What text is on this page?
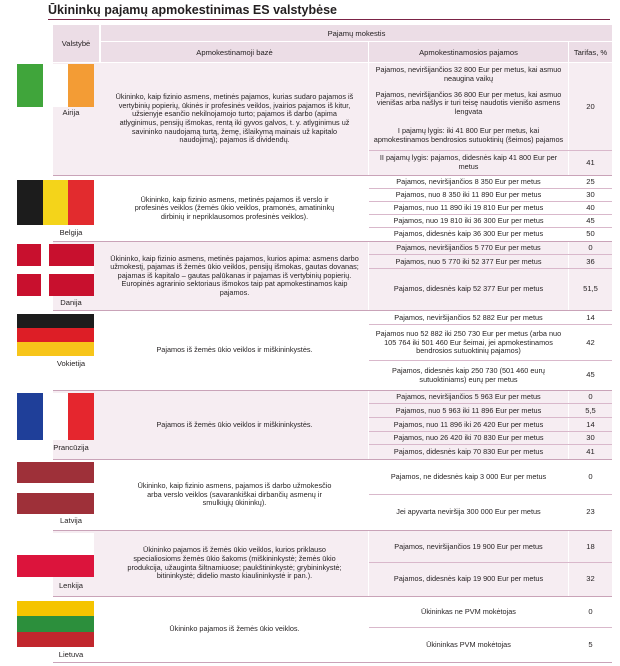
Ūkininkų pajamų apmokestinimas ES valstybėse
Valstybė
Pajamų mokestis
Apmokestinamoji bazė	Apmokestinamosios pajamos	Tarifas, %
Airija
Ūkininko, kaip fizinio asmens, metinės pajamos, kurias sudaro pajamos iš vertybinių popierių, ūkinės ir profesinės veiklos, įvairios pajamos iš kitur, užsienyje esančio nekilnojamojo turto; pajamos iš darbo (apima atlyginimus, pensijų išmokas, rentą iki gyvos galvos, t. y. atlyginimus už savininko naudojamą turtą, žemę, išlaikymą mainais už kapitalo naudojimą); pajamos iš dividendų.
Pajamos, neviršijančios 32 800 Eur per metus, kai asmuo neaugina vaikų
Pajamos, neviršijančios 36 800 Eur per metus, kai asmuo vienišas arba našlys ir turi teisę naudotis vienišo asmens lengvata
I pajamų lygis: iki 41 800 Eur per metus, kai apmokestinamos bendrosios sutuoktinių (šeimos) pajamos
II pajamų lygis: pajamos, didesnės kaip 41 800 Eur per metus
20
41
Belgija
Ūkininko, kaip fizinio asmens, metinės pajamos iš verslo ir profesinės veiklos (žemės ūkio veiklos, pramonės, amatininkų dirbinių ir nepriklausomos profesinės veiklos).
Pajamos, neviršijančios 8 350 Eur per metus
Pajamos, nuo 8 350 iki 11 890 Eur per metus
Pajamos, nuo 11 890 iki 19 810 Eur per metus
Pajamos, nuo 19 810 iki 36 300 Eur per metus
Pajamos, didesnės kaip 36 300 Eur per metus
25
30
40
45
50
Danija
Ūkininko, kaip fizinio asmens, metinės pajamos, kurios apima: asmens darbo užmokestį, pajamas iš žemės ūkio veiklos, pensijų išmokas, gautas dovanas; pajamas iš kapitalo – gautas palūkanas ir pajamas iš vertybinių popierių.
Europinės agrarinio sektoriaus išmokos taip pat apmokestinamos kaip pajamos.
Pajamos, neviršijančios 5 770 Eur per metus
Pajamos, nuo 5 770 iki 52 377 Eur per metus
Pajamos, didesnės kaip 52 377 Eur per metus
0
36
51,5
Vokietija
Pajamos iš žemės ūkio veiklos ir miškininkystės.
Pajamos, neviršijančios 52 882 Eur per metus
Pajamos nuo 52 882 iki 250 730 Eur per metus (arba nuo 105 764 iki 501 460 Eur šeimai, jei apmokestinamos bendrosios sutuoktinių pajamos)
Pajamos, didesnės kaip 250 730 (501 460 eurų sutuoktiniams) eurų per metus
14
42
45
Prancūzija
Pajamos iš žemės ūkio veiklos ir miškininkystės.
Pajamos, neviršijančios 5 963 Eur per metus
Pajamos, nuo 5 963 iki 11 896 Eur per metus
Pajamos, nuo 11 896 iki 26 420 Eur per metus
Pajamos, nuo 26 420 iki 70 830 Eur per metus
Pajamos, didesnės kaip 70 830 Eur per metus
0
5,5
14
30
41
Latvija
Ūkininko, kaip fizinio asmens, pajamos iš darbo užmokesčio arba verslo veiklos (savarankiškai dirbančių asmenų ir smulkiųjų ūkininkų).
Pajamos, ne didesnės kaip 3 000 Eur per metus
Jei apyvarta neviršija 300 000 Eur per metus
0
23
Lenkija
Ūkininko pajamos iš žemės ūkio veiklos, kurios priklauso specialiosioms žemės ūkio šakoms (miškininkystė; žemės ūkio produkcija, užauginta šiltnamiuose; paukštininkystė; grybininkystė; bitininkystė; didelio masto kiaulininkystė ir pan.).
Pajamos, neviršijančios 19 900 Eur per metus
Pajamos, didesnės kaip 19 900 Eur per metus
18
32
Lietuva
Ūkininko pajamos iš žemės ūkio veiklos.
Ūkininkas ne PVM mokėtojas
Ūkininkas PVM mokėtojas
0
5
